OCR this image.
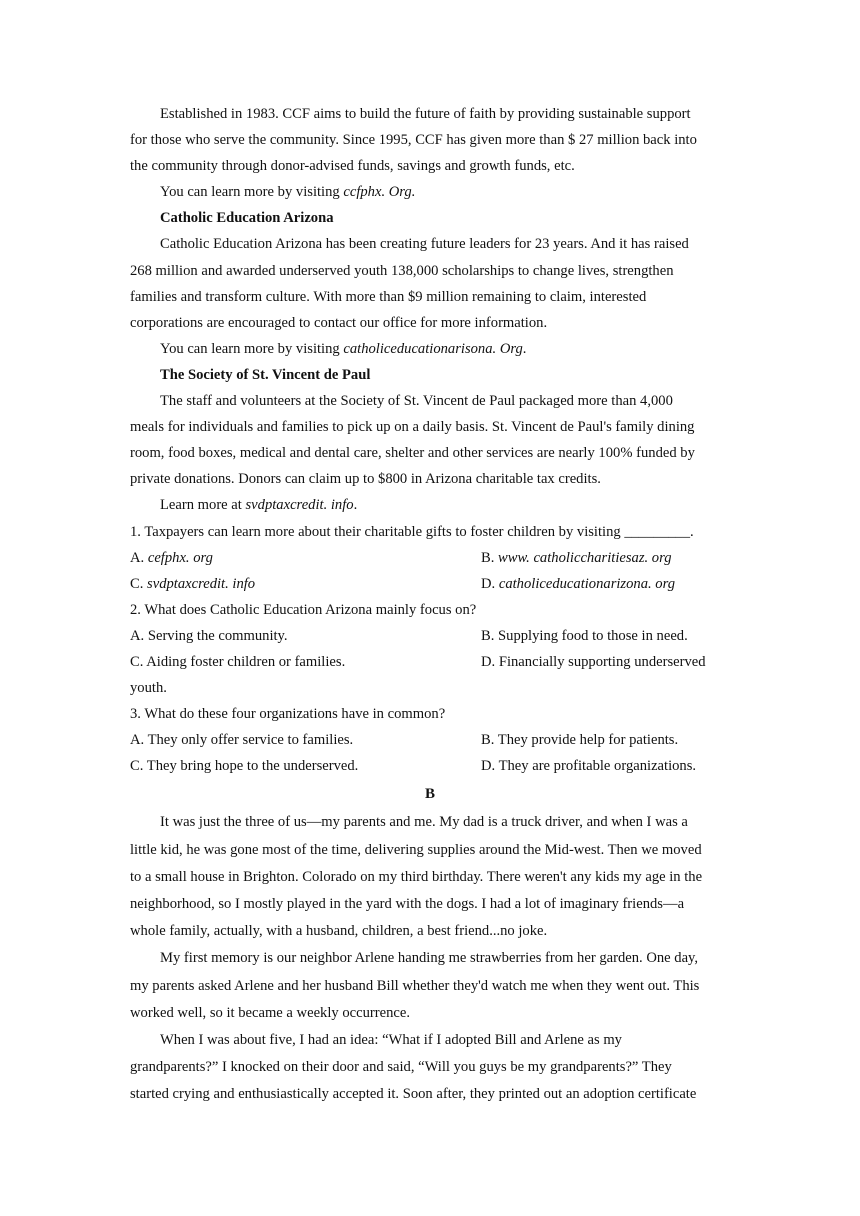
Established in 1983. CCF aims to build the future of faith by providing sustainable support
for those who serve the community. Since 1995, CCF has given more than $ 27 million back into
the community through donor-advised funds, savings and growth funds, etc.
You can learn more by visiting ccfphx. Org.
Catholic Education Arizona
Catholic Education Arizona has been creating future leaders for 23 years. And it has raised
268 million and awarded underserved youth 138,000 scholarships to change lives, strengthen
families and transform culture. With more than $9 million remaining to claim, interested
corporations are encouraged to contact our office for more information.
You can learn more by visiting catholiceducationarisona. Org.
The Society of St. Vincent de Paul
The staff and volunteers at the Society of St. Vincent de Paul packaged more than 4,000
meals for individuals and families to pick up on a daily basis. St. Vincent de Paul's family dining
room, food boxes, medical and dental care, shelter and other services are nearly 100% funded by
private donations. Donors can claim up to $800 in Arizona charitable tax credits.
Learn more at svdptaxcredit. info.
1. Taxpayers can learn more about their charitable gifts to foster children by visiting _________.
A. cefphx. org	B. www. catholiccharitiesaz. org
C. svdptaxcredit. info	D. catholiceducationarizona. org
2. What does Catholic Education Arizona mainly focus on?
A. Serving the community.	B. Supplying food to those in need.
C. Aiding foster children or families.	D. Financially supporting underserved
youth.
3. What do these four organizations have in common?
A. They only offer service to families.	B. They provide help for patients.
C. They bring hope to the underserved.	D. They are profitable organizations.
B
It was just the three of us—my parents and me. My dad is a truck driver, and when I was a
little kid, he was gone most of the time, delivering supplies around the Mid-west. Then we moved
to a small house in Brighton. Colorado on my third birthday. There weren't any kids my age in the
neighborhood, so I mostly played in the yard with the dogs. I had a lot of imaginary friends—a
whole family, actually, with a husband, children, a best friend...no joke.
My first memory is our neighbor Arlene handing me strawberries from her garden. One day,
my parents asked Arlene and her husband Bill whether they'd watch me when they went out. This
worked well, so it became a weekly occurrence.
When I was about five, I had an idea: “What if I adopted Bill and Arlene as my
grandparents?” I knocked on their door and said, “Will you guys be my grandparents?” They
started crying and enthusiastically accepted it. Soon after, they printed out an adoption certificate
